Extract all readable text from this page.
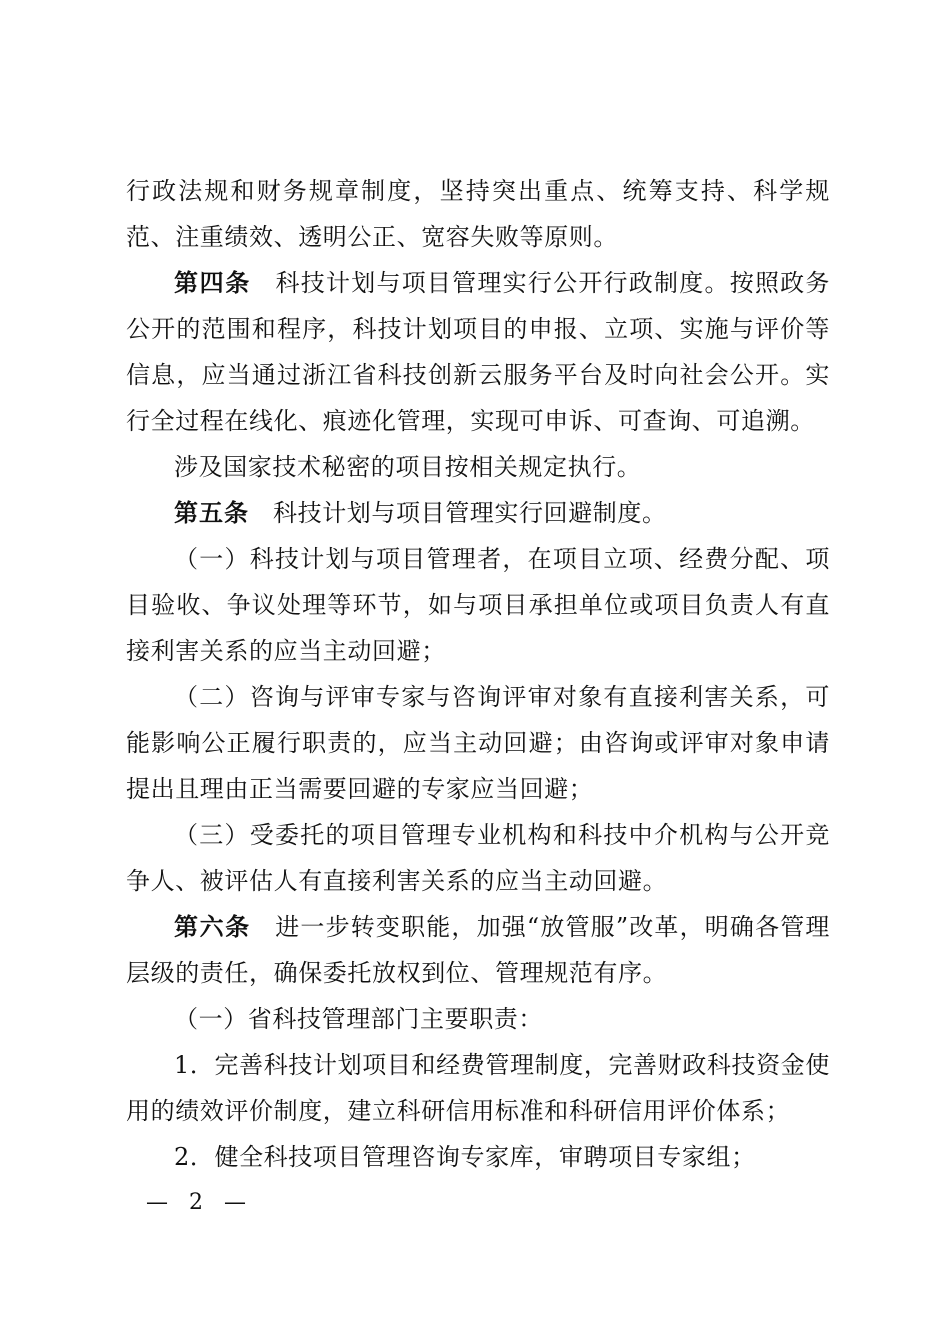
行政法规和财务规章制度，坚持突出重点、统筹支持、科学规范、注重绩效、透明公正、宽容失败等原则。

第四条 科技计划与项目管理实行公开行政制度。按照政务公开的范围和程序，科技计划项目的申报、立项、实施与评价等信息，应当通过浙江省科技创新云服务平台及时向社会公开。实行全过程在线化、痕迹化管理，实现可申诉、可查询、可追溯。

涉及国家技术秘密的项目按相关规定执行。

第五条 科技计划与项目管理实行回避制度。

（一）科技计划与项目管理者，在项目立项、经费分配、项目验收、争议处理等环节，如与项目承担单位或项目负责人有直接利害关系的应当主动回避；

（二）咨询与评审专家与咨询评审对象有直接利害关系，可能影响公正履行职责的，应当主动回避；由咨询或评审对象申请提出且理由正当需要回避的专家应当回避；

（三）受委托的项目管理专业机构和科技中介机构与公开竞争人、被评估人有直接利害关系的应当主动回避。

第六条 进一步转变职能，加强“放管服”改革，明确各管理层级的责任，确保委托放权到位、管理规范有序。

（一）省科技管理部门主要职责：

1．完善科技计划项目和经费管理制度，完善财政科技资金使用的绩效评价制度，建立科研信用标准和科研信用评价体系；

2．健全科技项目管理咨询专家库，审聘项目专家组；

— 2 —
